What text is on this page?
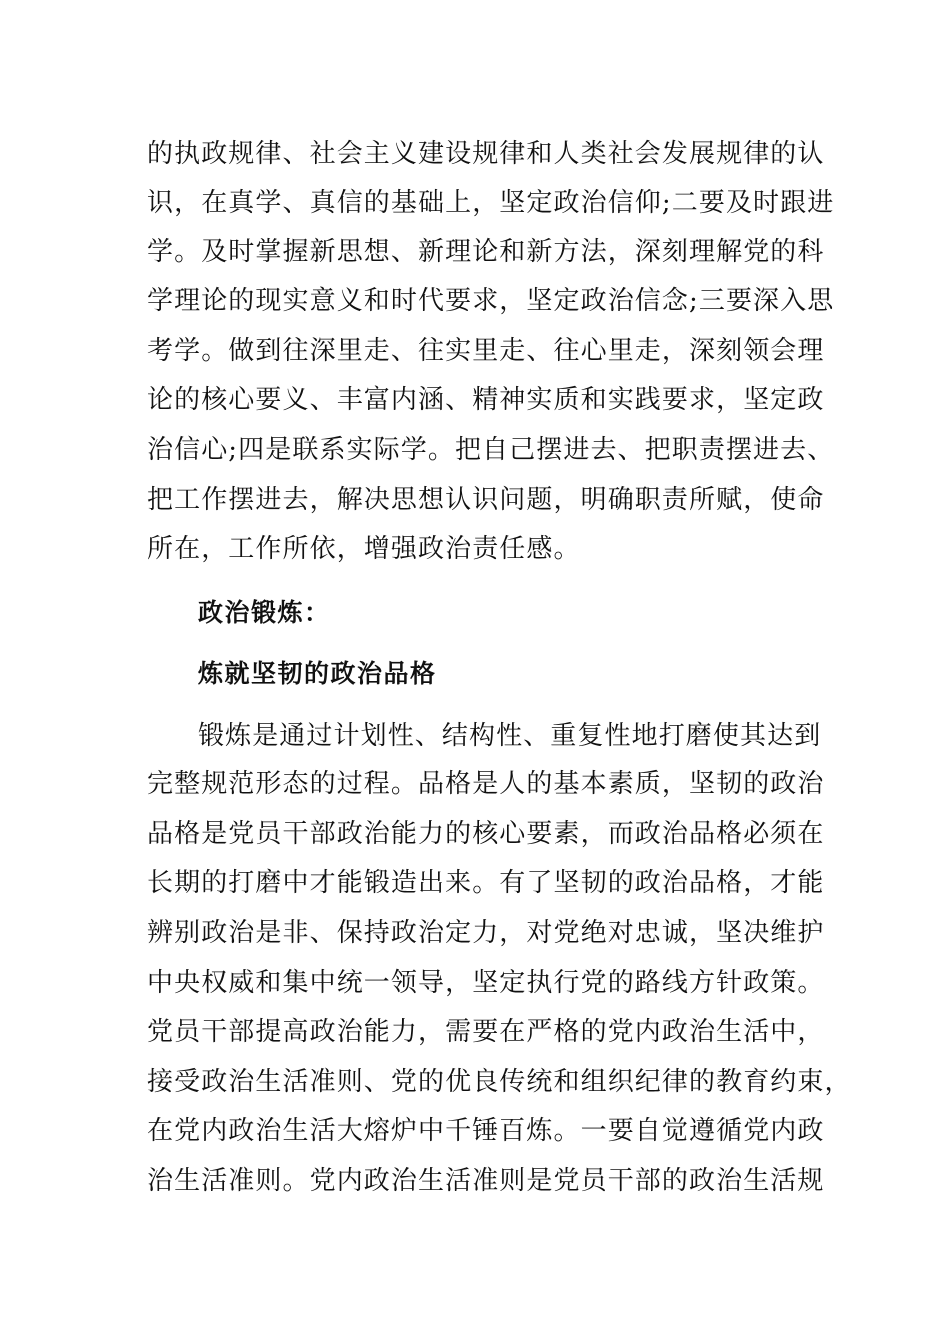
的执政规律、社会主义建设规律和人类社会发展规律的认
识，在真学、真信的基础上，坚定政治信仰;二要及时跟进
学。及时掌握新思想、新理论和新方法，深刻理解党的科
学理论的现实意义和时代要求，坚定政治信念;三要深入思
考学。做到往深里走、往实里走、往心里走，深刻领会理
论的核心要义、丰富内涵、精神实质和实践要求，坚定政
治信心;四是联系实际学。把自己摆进去、把职责摆进去、
把工作摆进去，解决思想认识问题，明确职责所赋，使命
所在，工作所依，增强政治责任感。
政治锻炼：
炼就坚韧的政治品格
锻炼是通过计划性、结构性、重复性地打磨使其达到
完整规范形态的过程。品格是人的基本素质，坚韧的政治
品格是党员干部政治能力的核心要素，而政治品格必须在
长期的打磨中才能锻造出来。有了坚韧的政治品格，才能
辨别政治是非、保持政治定力，对党绝对忠诚，坚决维护
中央权威和集中统一领导，坚定执行党的路线方针政策。
党员干部提高政治能力，需要在严格的党内政治生活中，
接受政治生活准则、党的优良传统和组织纪律的教育约束，
在党内政治生活大熔炉中千锤百炼。一要自觉遵循党内政
治生活准则。党内政治生活准则是党员干部的政治生活规
